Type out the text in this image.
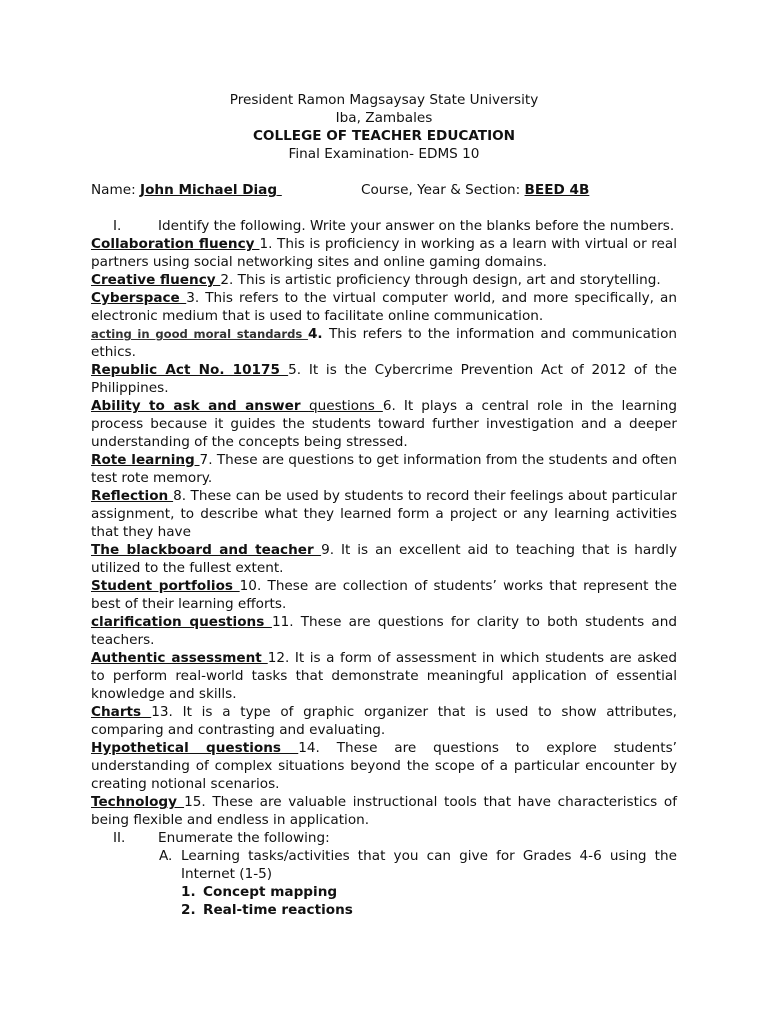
President Ramon Magsaysay State University
Iba, Zambales
COLLEGE OF TEACHER EDUCATION
Final Examination- EDMS 10
Name: John Michael Diag	Course, Year & Section: BEED 4B
I.	Identify the following. Write your answer on the blanks before the numbers.
Collaboration fluency 1. This is proficiency in working as a learn with virtual or real partners using social networking sites and online gaming domains.
Creative fluency 2. This is artistic proficiency through design, art and storytelling.
Cyberspace 3. This refers to the virtual computer world, and more specifically, an electronic medium that is used to facilitate online communication.
acting in good moral standards 4. This refers to the information and communication ethics.
Republic Act No. 10175 5. It is the Cybercrime Prevention Act of 2012 of the Philippines.
Ability to ask and answer questions 6. It plays a central role in the learning process because it guides the students toward further investigation and a deeper understanding of the concepts being stressed.
Rote learning 7. These are questions to get information from the students and often test rote memory.
Reflection 8. These can be used by students to record their feelings about particular assignment, to describe what they learned form a project or any learning activities that they have
The blackboard and teacher 9. It is an excellent aid to teaching that is hardly utilized to the fullest extent.
Student portfolios 10. These are collection of students’ works that represent the best of their learning efforts.
clarification questions 11. These are questions for clarity to both students and teachers.
Authentic assessment 12. It is a form of assessment in which students are asked to perform real-world tasks that demonstrate meaningful application of essential knowledge and skills.
Charts 13. It is a type of graphic organizer that is used to show attributes, comparing and contrasting and evaluating.
Hypothetical questions 14. These are questions to explore students’ understanding of complex situations beyond the scope of a particular encounter by creating notional scenarios.
Technology 15. These are valuable instructional tools that have characteristics of being flexible and endless in application.
II. Enumerate the following:
A. Learning tasks/activities that you can give for Grades 4-6 using the Internet (1-5)
1. Concept mapping
2. Real-time reactions
